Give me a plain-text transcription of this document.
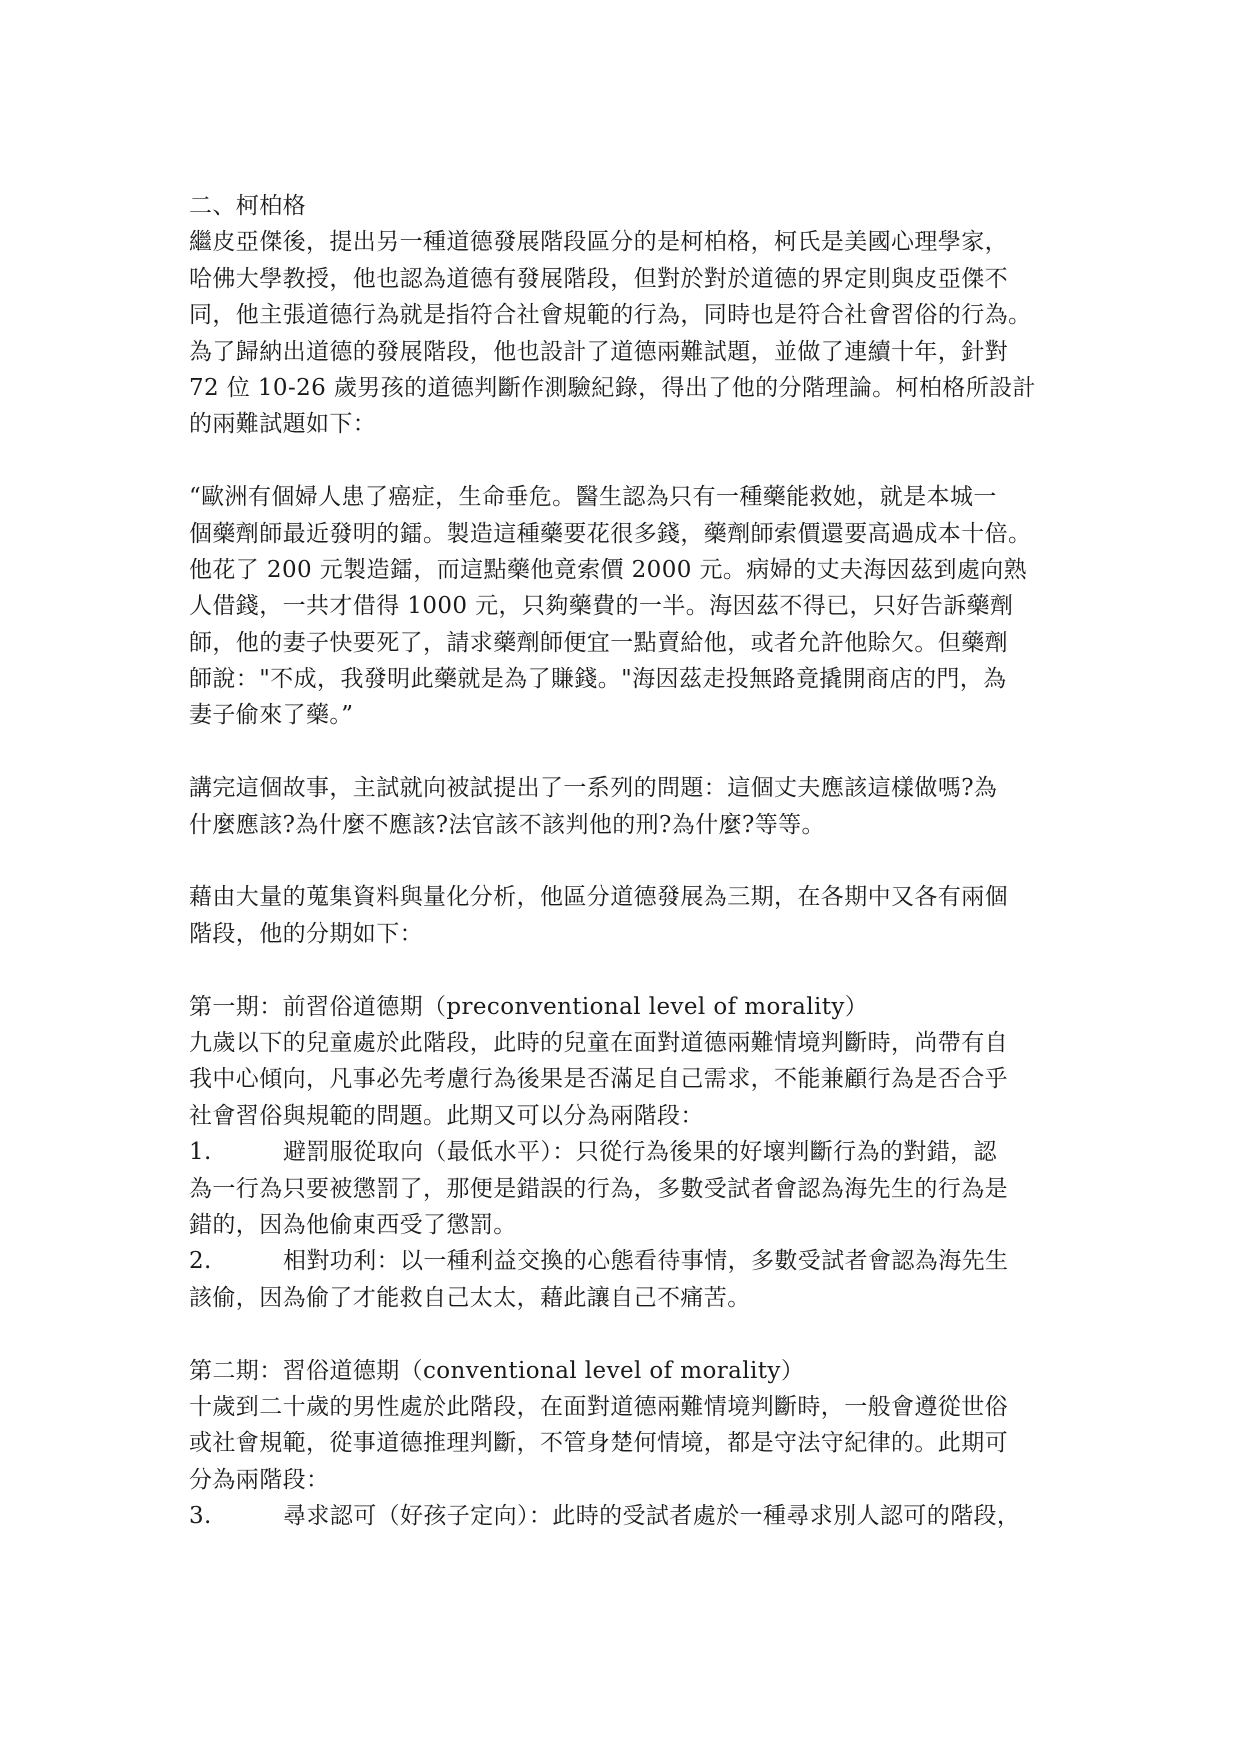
二、柯柏格
繼皮亞傑後，提出另一種道德發展階段區分的是柯柏格，柯氏是美國心理學家，
哈佛大學教授，他也認為道德有發展階段，但對於對於道德的界定則與皮亞傑不
同，他主張道德行為就是指符合社會規範的行為，同時也是符合社會習俗的行為。
為了歸納出道德的發展階段，他也設計了道德兩難試題，並做了連續十年，針對
72 位 10-26 歲男孩的道德判斷作測驗紀錄，得出了他的分階理論。柯柏格所設計
的兩難試題如下：
“歐洲有個婦人患了癌症，生命垂危。醫生認為只有一種藥能救她，就是本城一
個藥劑師最近發明的鐳。製造這種藥要花很多錢，藥劑師索價還要高過成本十倍。
他花了 200 元製造鐳，而這點藥他竟索價 2000 元。病婦的丈夫海因茲到處向熟
人借錢，一共才借得 1000 元，只夠藥費的一半。海因茲不得已，只好告訴藥劑
師，他的妻子快要死了，請求藥劑師便宜一點賣給他，或者允許他賒欠。但藥劑
師說："不成，我發明此藥就是為了賺錢。"海因茲走投無路竟撬開商店的門，為
妻子偷來了藥。”
講完這個故事，主試就向被試提出了一系列的問題：這個丈夫應該這樣做嗎?為
什麼應該?為什麼不應該?法官該不該判他的刑?為什麼?等等。
藉由大量的蒐集資料與量化分析，他區分道德發展為三期，在各期中又各有兩個
階段，他的分期如下：
第一期：前習俗道德期（preconventional level of morality）
九歲以下的兒童處於此階段，此時的兒童在面對道德兩難情境判斷時，尚帶有自
我中心傾向，凡事必先考慮行為後果是否滿足自己需求，不能兼顧行為是否合乎
社會習俗與規範的問題。此期又可以分為兩階段：
1.	避罰服從取向（最低水平）：只從行為後果的好壞判斷行為的對錯，認
為一行為只要被懲罰了，那便是錯誤的行為，多數受試者會認為海先生的行為是
錯的，因為他偷東西受了懲罰。
2.	相對功利：以一種利益交換的心態看待事情，多數受試者會認為海先生
該偷，因為偷了才能救自己太太，藉此讓自己不痛苦。
第二期：習俗道德期（conventional level of morality）
十歲到二十歲的男性處於此階段，在面對道德兩難情境判斷時，一般會遵從世俗
或社會規範，從事道德推理判斷，不管身楚何情境，都是守法守紀律的。此期可
分為兩階段：
3.	尋求認可（好孩子定向）：此時的受試者處於一種尋求別人認可的階段，
